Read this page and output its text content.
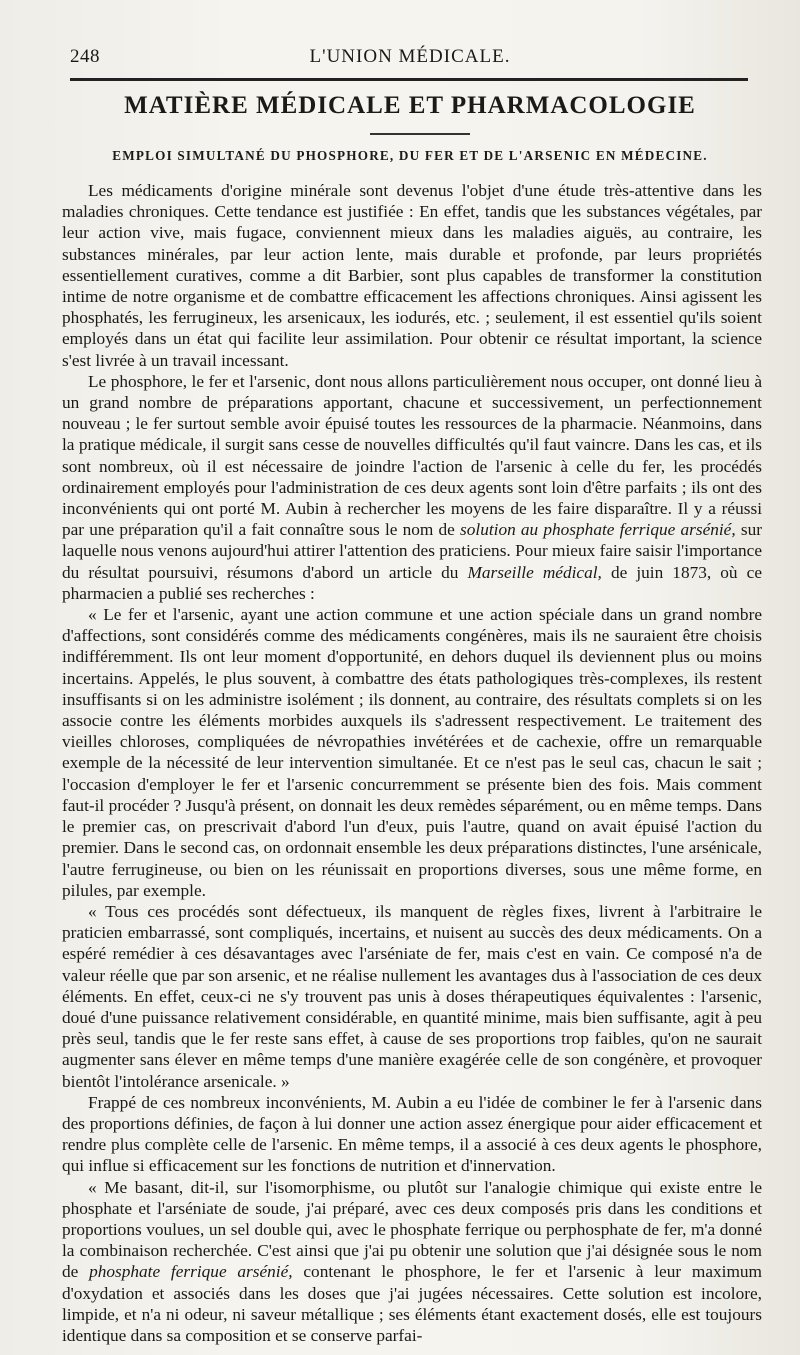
248	L'UNION MÉDICALE.
MATIÈRE MÉDICALE ET PHARMACOLOGIE
EMPLOI SIMULTANÉ DU PHOSPHORE, DU FER ET DE L'ARSENIC EN MÉDECINE.

Les médicaments d'origine minérale sont devenus l'objet d'une étude très-attentive dans les maladies chroniques. Cette tendance est justifiée : En effet, tandis que les substances végétales, par leur action vive, mais fugace, conviennent mieux dans les maladies aiguës, au contraire, les substances minérales, par leur action lente, mais durable et profonde, par leurs propriétés essentiellement curatives, comme a dit Barbier, sont plus capables de transformer la constitution intime de notre organisme et de combattre efficacement les affections chroniques. Ainsi agissent les phosphatés, les ferrugineux, les arsenicaux, les iodurés, etc. ; seulement, il est essentiel qu'ils soient employés dans un état qui facilite leur assimilation. Pour obtenir ce résultat important, la science s'est livrée à un travail incessant.

Le phosphore, le fer et l'arsenic, dont nous allons particulièrement nous occuper, ont donné lieu à un grand nombre de préparations apportant, chacune et successivement, un perfectionnement nouveau ; le fer surtout semble avoir épuisé toutes les ressources de la pharmacie. Néanmoins, dans la pratique médicale, il surgit sans cesse de nouvelles difficultés qu'il faut vaincre. Dans les cas, et ils sont nombreux, où il est nécessaire de joindre l'action de l'arsenic à celle du fer, les procédés ordinairement employés pour l'administration de ces deux agents sont loin d'être parfaits ; ils ont des inconvénients qui ont porté M. Aubin à rechercher les moyens de les faire disparaître. Il y a réussi par une préparation qu'il a fait connaître sous le nom de solution au phosphate ferrique arsénié, sur laquelle nous venons aujourd'hui attirer l'attention des praticiens. Pour mieux faire saisir l'importance du résultat poursuivi, résumons d'abord un article du Marseille médical, de juin 1873, où ce pharmacien a publié ses recherches :

« Le fer et l'arsenic, ayant une action commune et une action spéciale dans un grand nombre d'affections, sont considérés comme des médicaments congénères, mais ils ne sauraient être choisis indifféremment. Ils ont leur moment d'opportunité, en dehors duquel ils deviennent plus ou moins incertains. Appelés, le plus souvent, à combattre des états pathologiques très-complexes, ils restent insuffisants si on les administre isolément ; ils donnent, au contraire, des résultats complets si on les associe contre les éléments morbides auxquels ils s'adressent respectivement. Le traitement des vieilles chloroses, compliquées de névropathies invétérées et de cachexie, offre un remarquable exemple de la nécessité de leur intervention simultanée. Et ce n'est pas le seul cas, chacun le sait ; l'occasion d'employer le fer et l'arsenic concurremment se présente bien des fois. Mais comment faut-il procéder ? Jusqu'à présent, on donnait les deux remèdes séparément, ou en même temps. Dans le premier cas, on prescrivait d'abord l'un d'eux, puis l'autre, quand on avait épuisé l'action du premier. Dans le second cas, on ordonnait ensemble les deux préparations distinctes, l'une arsénicale, l'autre ferrugineuse, ou bien on les réunissait en proportions diverses, sous une même forme, en pilules, par exemple.

« Tous ces procédés sont défectueux, ils manquent de règles fixes, livrent à l'arbitraire le praticien embarrassé, sont compliqués, incertains, et nuisent au succès des deux médicaments. On a espéré remédier à ces désavantages avec l'arséniate de fer, mais c'est en vain. Ce composé n'a de valeur réelle que par son arsenic, et ne réalise nullement les avantages dus à l'association de ces deux éléments. En effet, ceux-ci ne s'y trouvent pas unis à doses thérapeutiques équivalentes : l'arsenic, doué d'une puissance relativement considérable, en quantité minime, mais bien suffisante, agit à peu près seul, tandis que le fer reste sans effet, à cause de ses proportions trop faibles, qu'on ne saurait augmenter sans élever en même temps d'une manière exagérée celle de son congénère, et provoquer bientôt l'intolérance arsenicale. »

Frappé de ces nombreux inconvénients, M. Aubin a eu l'idée de combiner le fer à l'arsenic dans des proportions définies, de façon à lui donner une action assez énergique pour aider efficacement et rendre plus complète celle de l'arsenic. En même temps, il a associé à ces deux agents le phosphore, qui influe si efficacement sur les fonctions de nutrition et d'innervation.

« Me basant, dit-il, sur l'isomorphisme, ou plutôt sur l'analogie chimique qui existe entre le phosphate et l'arséniate de soude, j'ai préparé, avec ces deux composés pris dans les conditions et proportions voulues, un sel double qui, avec le phosphate ferrique ou perphosphate de fer, m'a donné la combinaison recherchée. C'est ainsi que j'ai pu obtenir une solution que j'ai désignée sous le nom de phosphate ferrique arsénié, contenant le phosphore, le fer et l'arsenic à leur maximum d'oxydation et associés dans les doses que j'ai jugées nécessaires. Cette solution est incolore, limpide, et n'a ni odeur, ni saveur métallique ; ses éléments étant exactement dosés, elle est toujours identique dans sa composition et se conserve parfai-
